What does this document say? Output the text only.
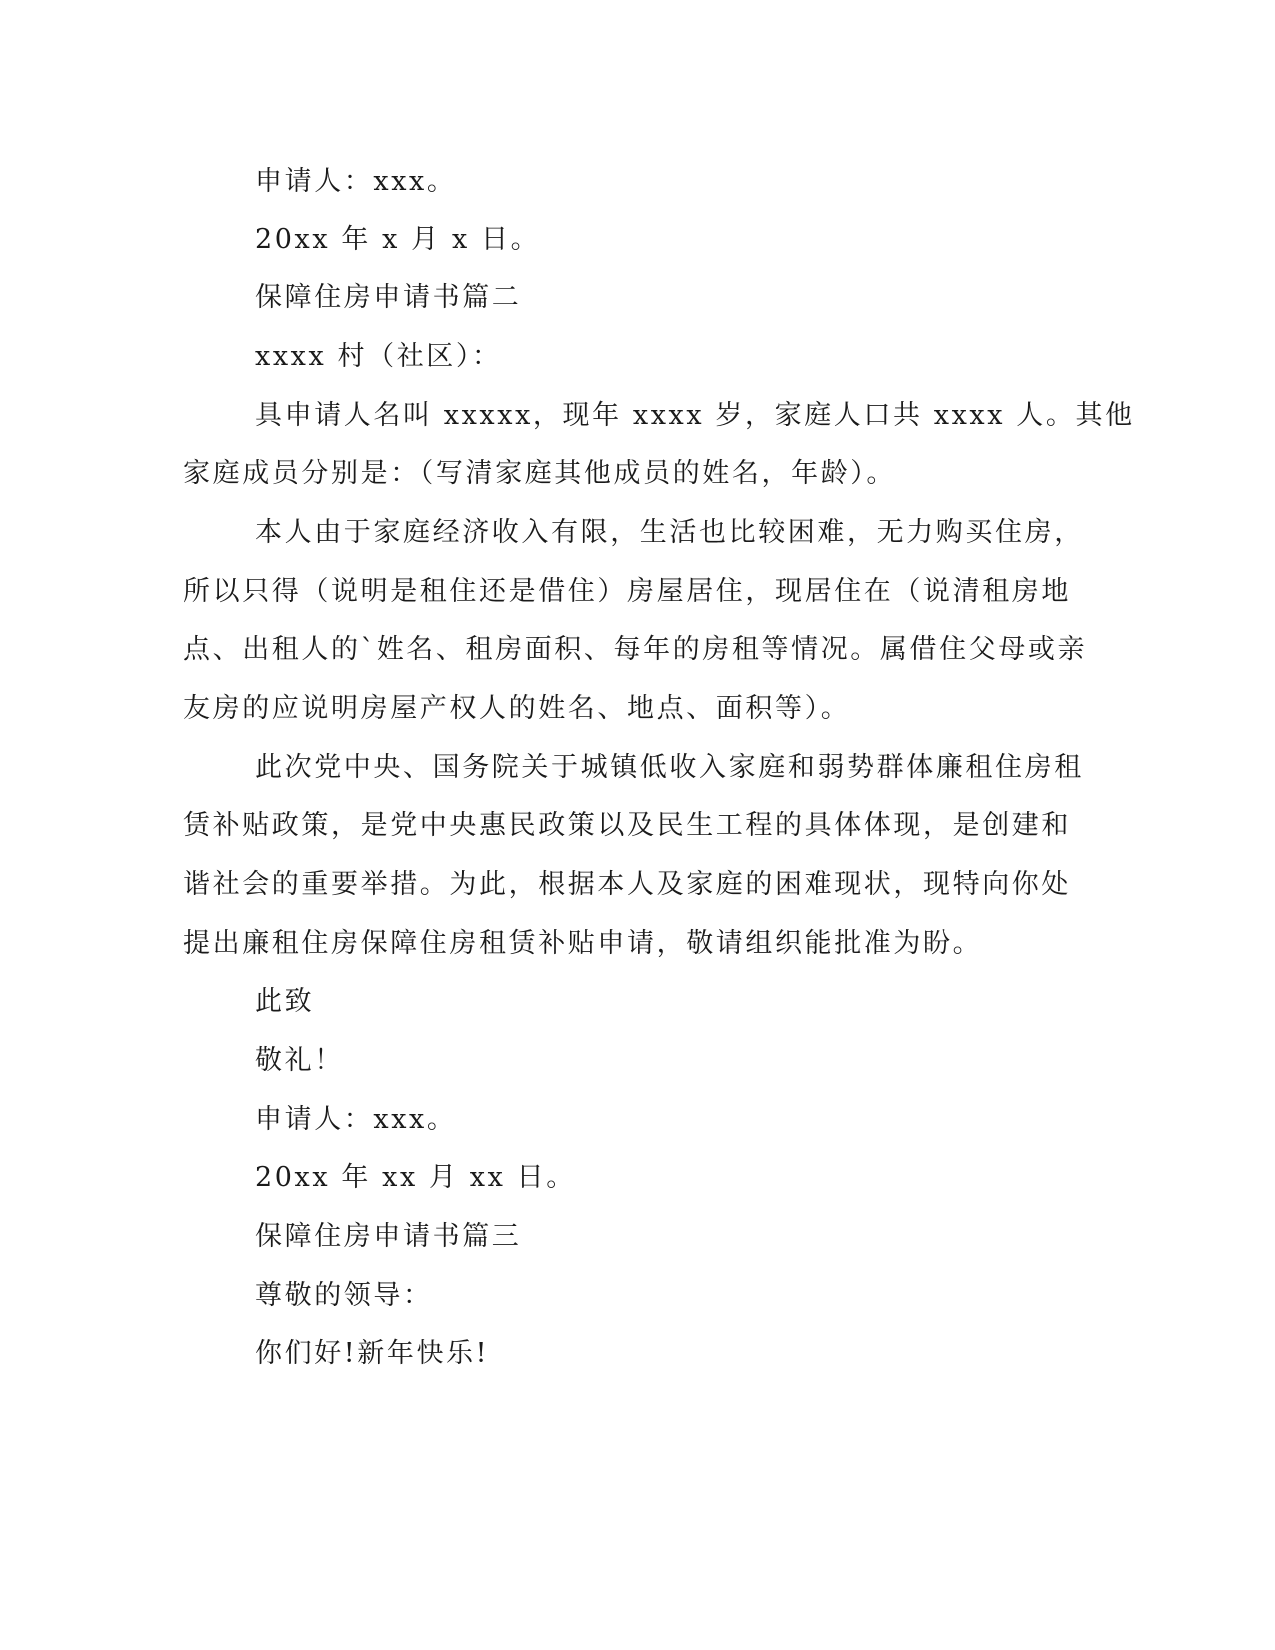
申请人：xxx。
20xx 年 x 月 x 日。
保障住房申请书篇二
xxxx 村（社区）：
具申请人名叫 xxxxx，现年 xxxx 岁，家庭人口共 xxxx 人。其他
家庭成员分别是：（写清家庭其他成员的姓名，年龄）。
本人由于家庭经济收入有限，生活也比较困难，无力购买住房，
所以只得（说明是租住还是借住）房屋居住，现居住在（说清租房地
点、出租人的`姓名、租房面积、每年的房租等情况。属借住父母或亲
友房的应说明房屋产权人的姓名、地点、面积等）。
此次党中央、国务院关于城镇低收入家庭和弱势群体廉租住房租
赁补贴政策，是党中央惠民政策以及民生工程的具体体现，是创建和
谐社会的重要举措。为此，根据本人及家庭的困难现状，现特向你处
提出廉租住房保障住房租赁补贴申请，敬请组织能批准为盼。
此致
敬礼！
申请人：xxx。
20xx 年 xx 月 xx 日。
保障住房申请书篇三
尊敬的领导：
你们好!新年快乐!
